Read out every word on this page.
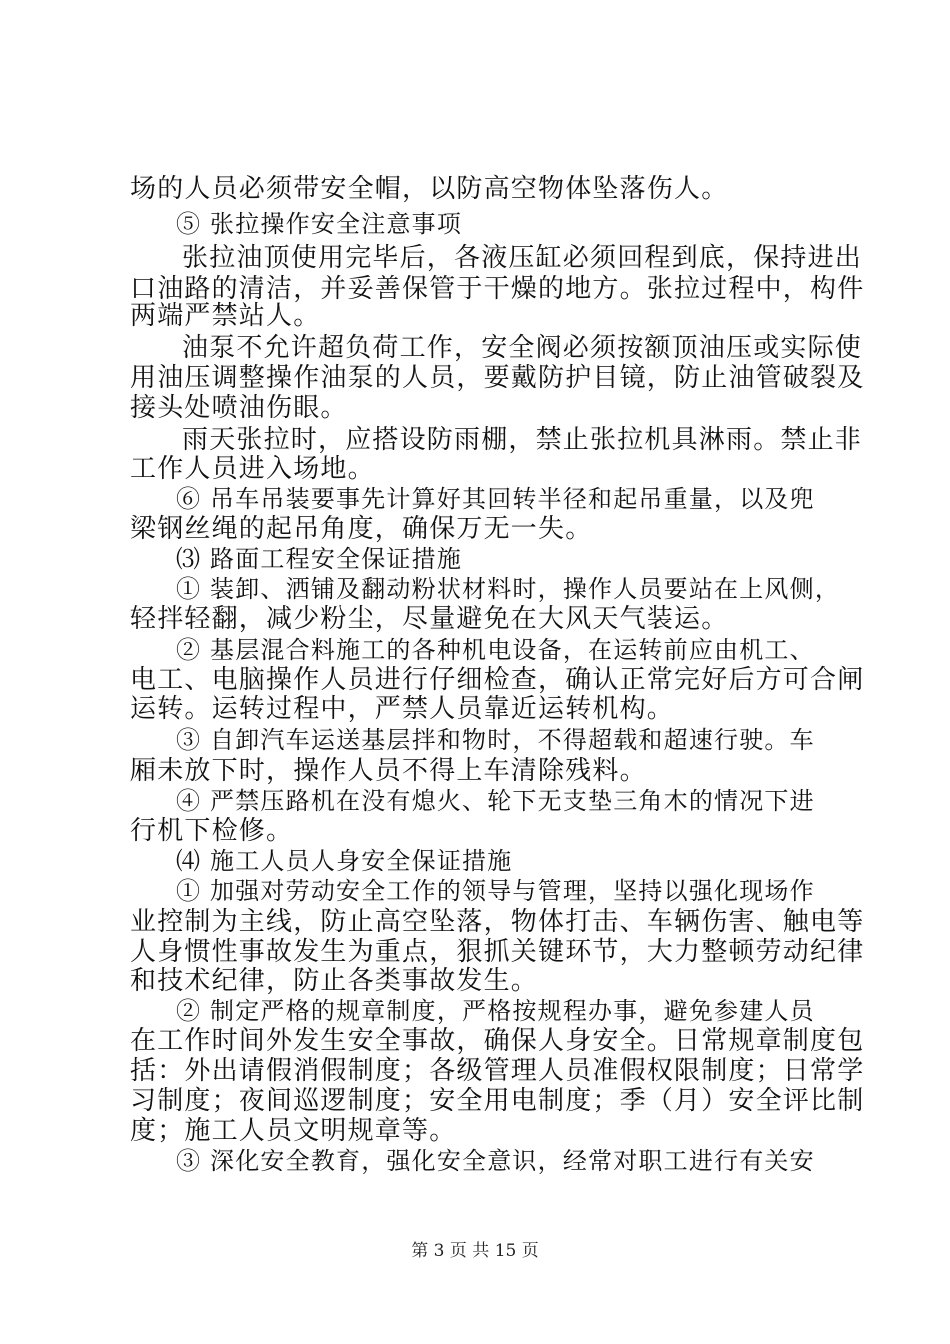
场的人员必须带安全帽，以防高空物体坠落伤人。
⑤ 张拉操作安全注意事项
张拉油顶使用完毕后，各液压缸必须回程到底，保持进出
口油路的清洁，并妥善保管于干燥的地方。张拉过程中，构件
两端严禁站人。
油泵不允许超负荷工作，安全阀必须按额顶油压或实际使
用油压调整操作油泵的人员，要戴防护目镜，防止油管破裂及
接头处喷油伤眼。
雨天张拉时，应搭设防雨棚，禁止张拉机具淋雨。禁止非
工作人员进入场地。
⑥ 吊车吊装要事先计算好其回转半径和起吊重量，以及兜
梁钢丝绳的起吊角度，确保万无一失。
⑶ 路面工程安全保证措施
① 装卸、洒铺及翻动粉状材料时，操作人员要站在上风侧，
轻拌轻翻，减少粉尘，尽量避免在大风天气装运。
② 基层混合料施工的各种机电设备，在运转前应由机工、
电工、电脑操作人员进行仔细检查，确认正常完好后方可合闸
运转。运转过程中，严禁人员靠近运转机构。
③ 自卸汽车运送基层拌和物时，不得超载和超速行驶。车
厢未放下时，操作人员不得上车清除残料。
④ 严禁压路机在没有熄火、轮下无支垫三角木的情况下进
行机下检修。
⑷ 施工人员人身安全保证措施
① 加强对劳动安全工作的领导与管理，坚持以强化现场作
业控制为主线，防止高空坠落，物体打击、车辆伤害、触电等
人身惯性事故发生为重点，狠抓关键环节，大力整顿劳动纪律
和技术纪律，防止各类事故发生。
② 制定严格的规章制度，严格按规程办事，避免参建人员
在工作时间外发生安全事故，确保人身安全。日常规章制度包
括：外出请假消假制度；各级管理人员准假权限制度；日常学
习制度；夜间巡逻制度；安全用电制度；季（月）安全评比制
度；施工人员文明规章等。
③ 深化安全教育，强化安全意识，经常对职工进行有关安
第 3 页 共 15 页
